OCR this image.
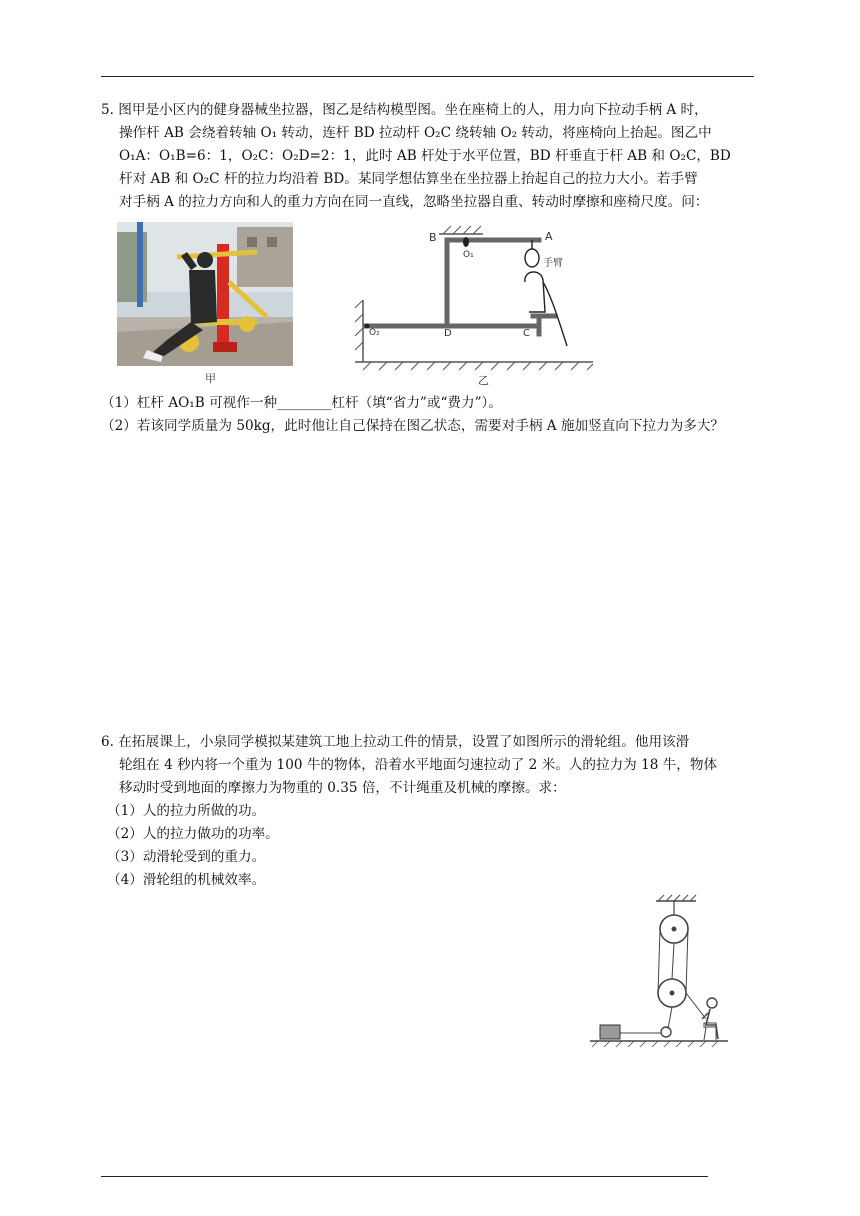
5. 图甲是小区内的健身器械坐拉器，图乙是结构模型图。坐在座椅上的人，用力向下拉动手柄 A 时，
操作杆 AB 会绕着转轴 O₁ 转动，连杆 BD 拉动杆 O₂C 绕转轴 O₂ 转动，将座椅向上抬起。图乙中
O₁A：O₁B=6：1，O₂C：O₂D=2：1，此时 AB 杆处于水平位置，BD 杆垂直于杆 AB 和 O₂C，BD
杆对 AB 和 O₂C 杆的拉力均沿着 BD。某同学想估算坐在坐拉器上抬起自己的拉力大小。若手臂
对手柄 A 的拉力方向和人的重力方向在同一直线，忽略坐拉器自重、转动时摩擦和座椅尺度。问：
甲
B	A
O₁
手臂
O₂	D	C
乙
（1）杠杆 AO₁B 可视作一种________杠杆（填“省力”或“费力”）。
（2）若该同学质量为 50kg，此时他让自己保持在图乙状态，需要对手柄 A 施加竖直向下拉力为多大？
6. 在拓展课上，小泉同学模拟某建筑工地上拉动工件的情景，设置了如图所示的滑轮组。他用该滑
轮组在 4 秒内将一个重为 100 牛的物体，沿着水平地面匀速拉动了 2 米。人的拉力为 18 牛，物体
移动时受到地面的摩擦力为物重的 0.35 倍，不计绳重及机械的摩擦。求：
（1）人的拉力所做的功。
（2）人的拉力做功的功率。
（3）动滑轮受到的重力。
（4）滑轮组的机械效率。
